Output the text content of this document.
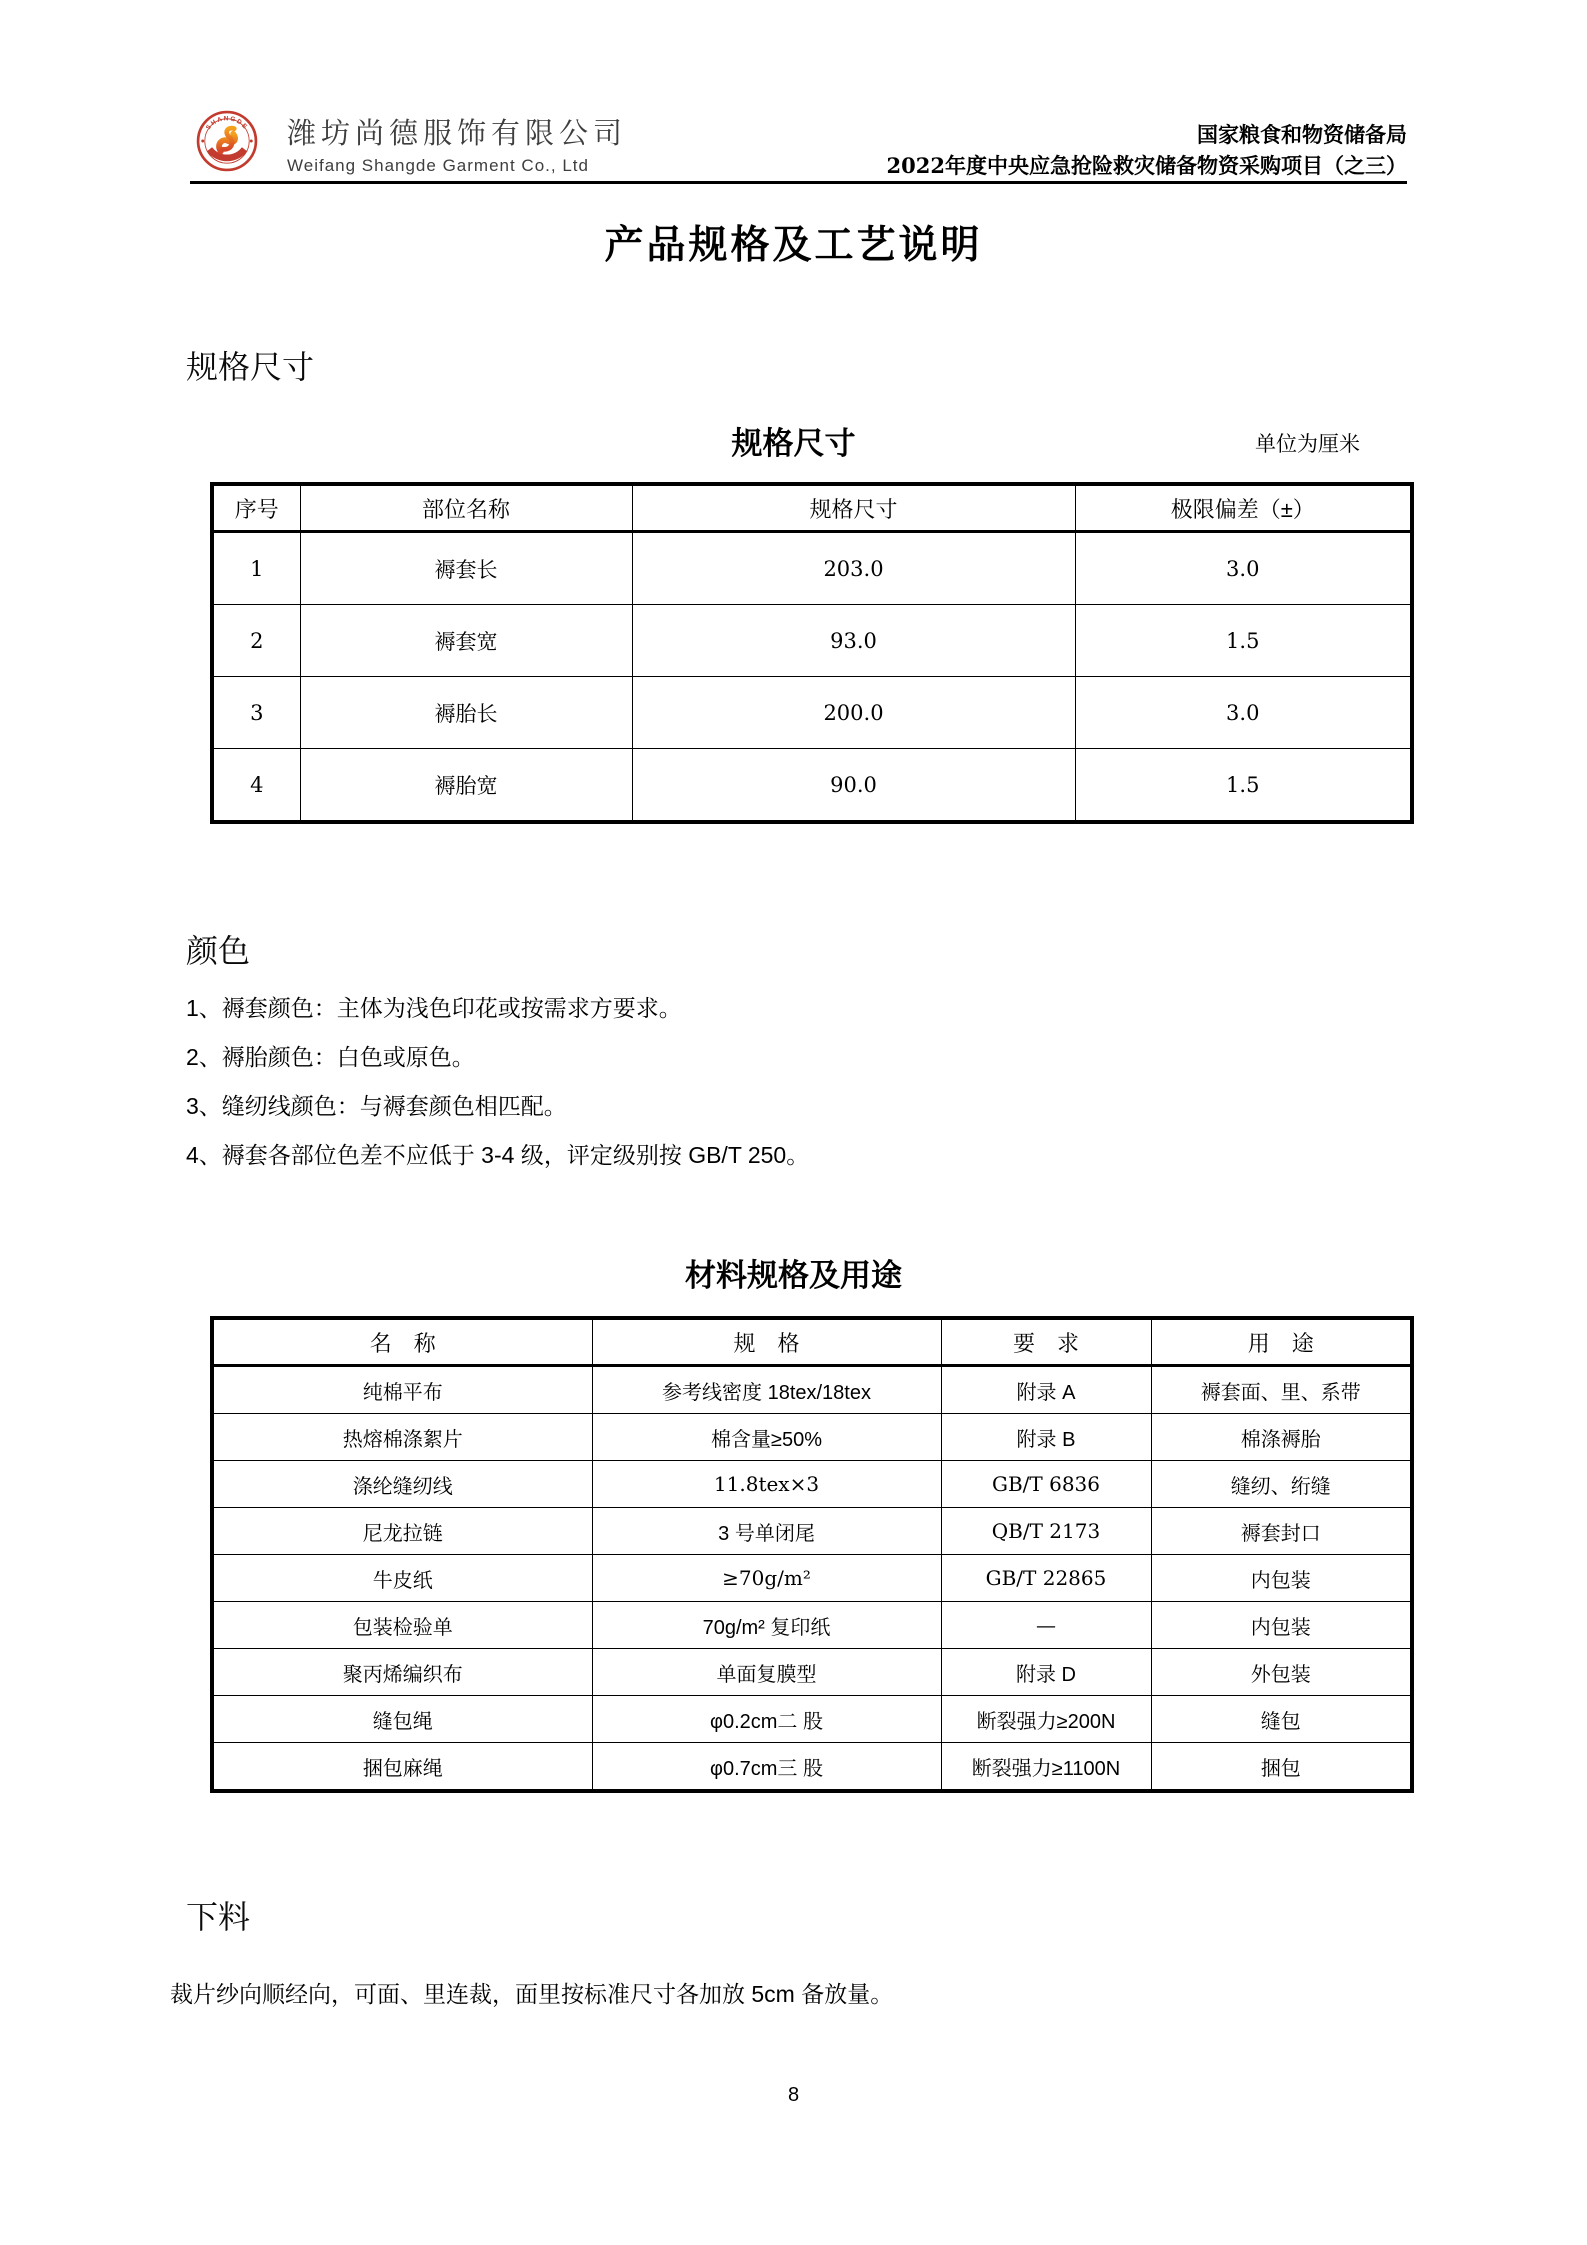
SHANGDE 潍坊尚德服饰有限公司
Weifang Shangde Garment Co., Ltd
国家粮食和物资储备局
2022年度中央应急抢险救灾储备物资采购项目（之三）
产品规格及工艺说明
规格尺寸
规格尺寸	单位为厘米
序号	部位名称	规格尺寸	极限偏差（±）
1	褥套长	203.0	3.0
2	褥套宽	93.0	1.5
3	褥胎长	200.0	3.0
4	褥胎宽	90.0	1.5
颜色
1、褥套颜色：主体为浅色印花或按需求方要求。
2、褥胎颜色：白色或原色。
3、缝纫线颜色：与褥套颜色相匹配。
4、褥套各部位色差不应低于 3-4 级，评定级别按 GB/T 250。
材料规格及用途
名　称	规　格	要　求	用　途
纯棉平布	参考线密度 18tex/18tex	附录 A	褥套面、里、系带
热熔棉涤絮片	棉含量≥50%	附录 B	棉涤褥胎
涤纶缝纫线	11.8tex×3	GB/T 6836	缝纫、绗缝
尼龙拉链	3 号单闭尾	QB/T 2173	褥套封口
牛皮纸	≥70g/m²	GB/T 22865	内包装
包装检验单	70g/m² 复印纸	—	内包装
聚丙烯编织布	单面复膜型	附录 D	外包装
缝包绳	φ0.2cm二 股	断裂强力≥200N	缝包
捆包麻绳	φ0.7cm三 股	断裂强力≥1100N	捆包
下料
裁片纱向顺经向，可面、里连裁，面里按标准尺寸各加放 5cm 备放量。
8
